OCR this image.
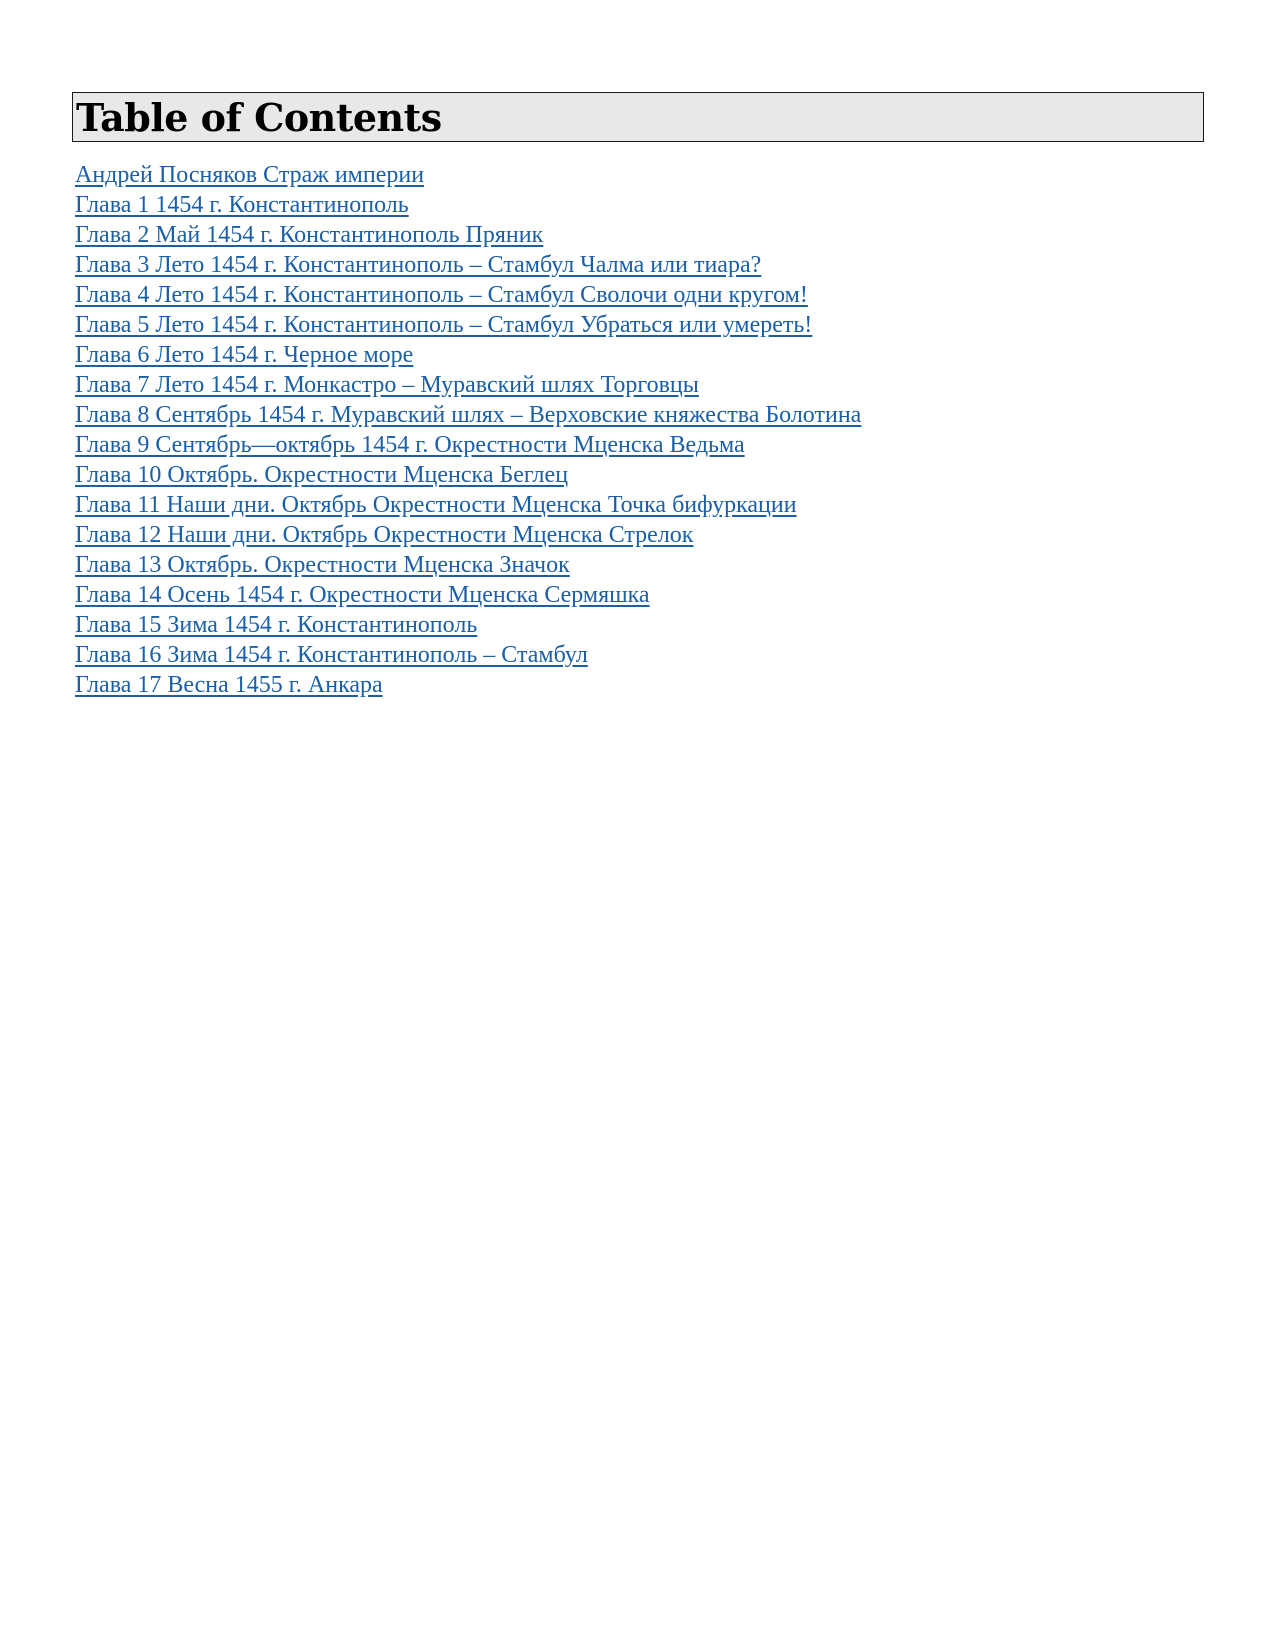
Table of Contents
Андрей Посняков Страж империи
Глава 1 1454 г. Константинополь
Глава 2 Май 1454 г. Константинополь Пряник
Глава 3 Лето 1454 г. Константинополь – Стамбул Чалма или тиара?
Глава 4 Лето 1454 г. Константинополь – Стамбул Сволочи одни кругом!
Глава 5 Лето 1454 г. Константинополь – Стамбул Убраться или умереть!
Глава 6 Лето 1454 г. Черное море
Глава 7 Лето 1454 г. Монкастро – Муравский шлях Торговцы
Глава 8 Сентябрь 1454 г. Муравский шлях – Верховские княжества Болотина
Глава 9 Сентябрь—октябрь 1454 г. Окрестности Мценска Ведьма
Глава 10 Октябрь. Окрестности Мценска Беглец
Глава 11 Наши дни. Октябрь Окрестности Мценска Точка бифуркации
Глава 12 Наши дни. Октябрь Окрестности Мценска Стрелок
Глава 13 Октябрь. Окрестности Мценска Значок
Глава 14 Осень 1454 г. Окрестности Мценска Сермяшка
Глава 15 Зима 1454 г. Константинополь
Глава 16 Зима 1454 г. Константинополь – Стамбул
Глава 17 Весна 1455 г. Анкара
